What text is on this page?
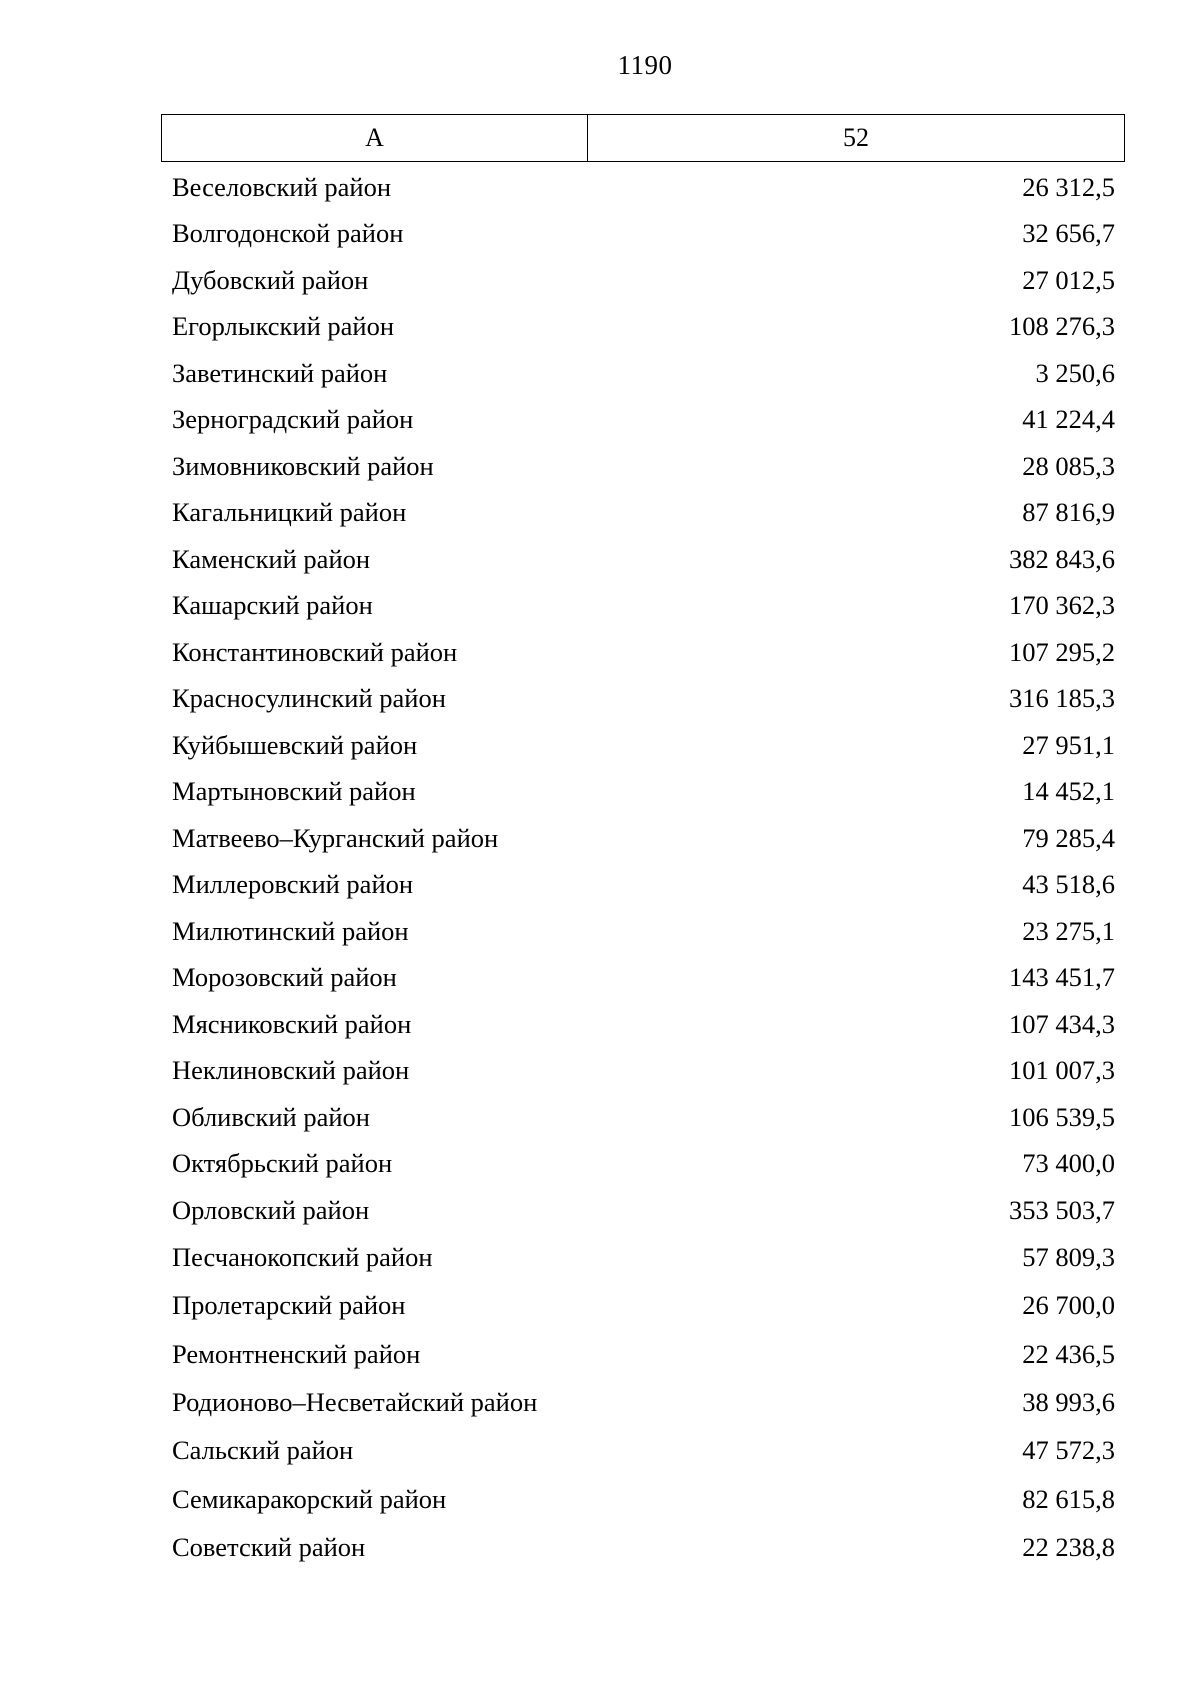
1190
А	52
Веселовский район	26 312,5
Волгодонской район	32 656,7
Дубовский район	27 012,5
Егорлыкский район	108 276,3
Заветинский район	3 250,6
Зерноградский район	41 224,4
Зимовниковский район	28 085,3
Кагальницкий район	87 816,9
Каменский район	382 843,6
Кашарский район	170 362,3
Константиновский район	107 295,2
Красносулинский район	316 185,3
Куйбышевский район	27 951,1
Мартыновский район	14 452,1
Матвеево–Курганский район	79 285,4
Миллеровский район	43 518,6
Милютинский район	23 275,1
Морозовский район	143 451,7
Мясниковский район	107 434,3
Неклиновский район	101 007,3
Обливский район	106 539,5
Октябрьский район	73 400,0
Орловский район	353 503,7
Песчанокопский район	57 809,3
Пролетарский район	26 700,0
Ремонтненский район	22 436,5
Родионово–Несветайский район	38 993,6
Сальский район	47 572,3
Семикаракорский район	82 615,8
Советский район	22 238,8
